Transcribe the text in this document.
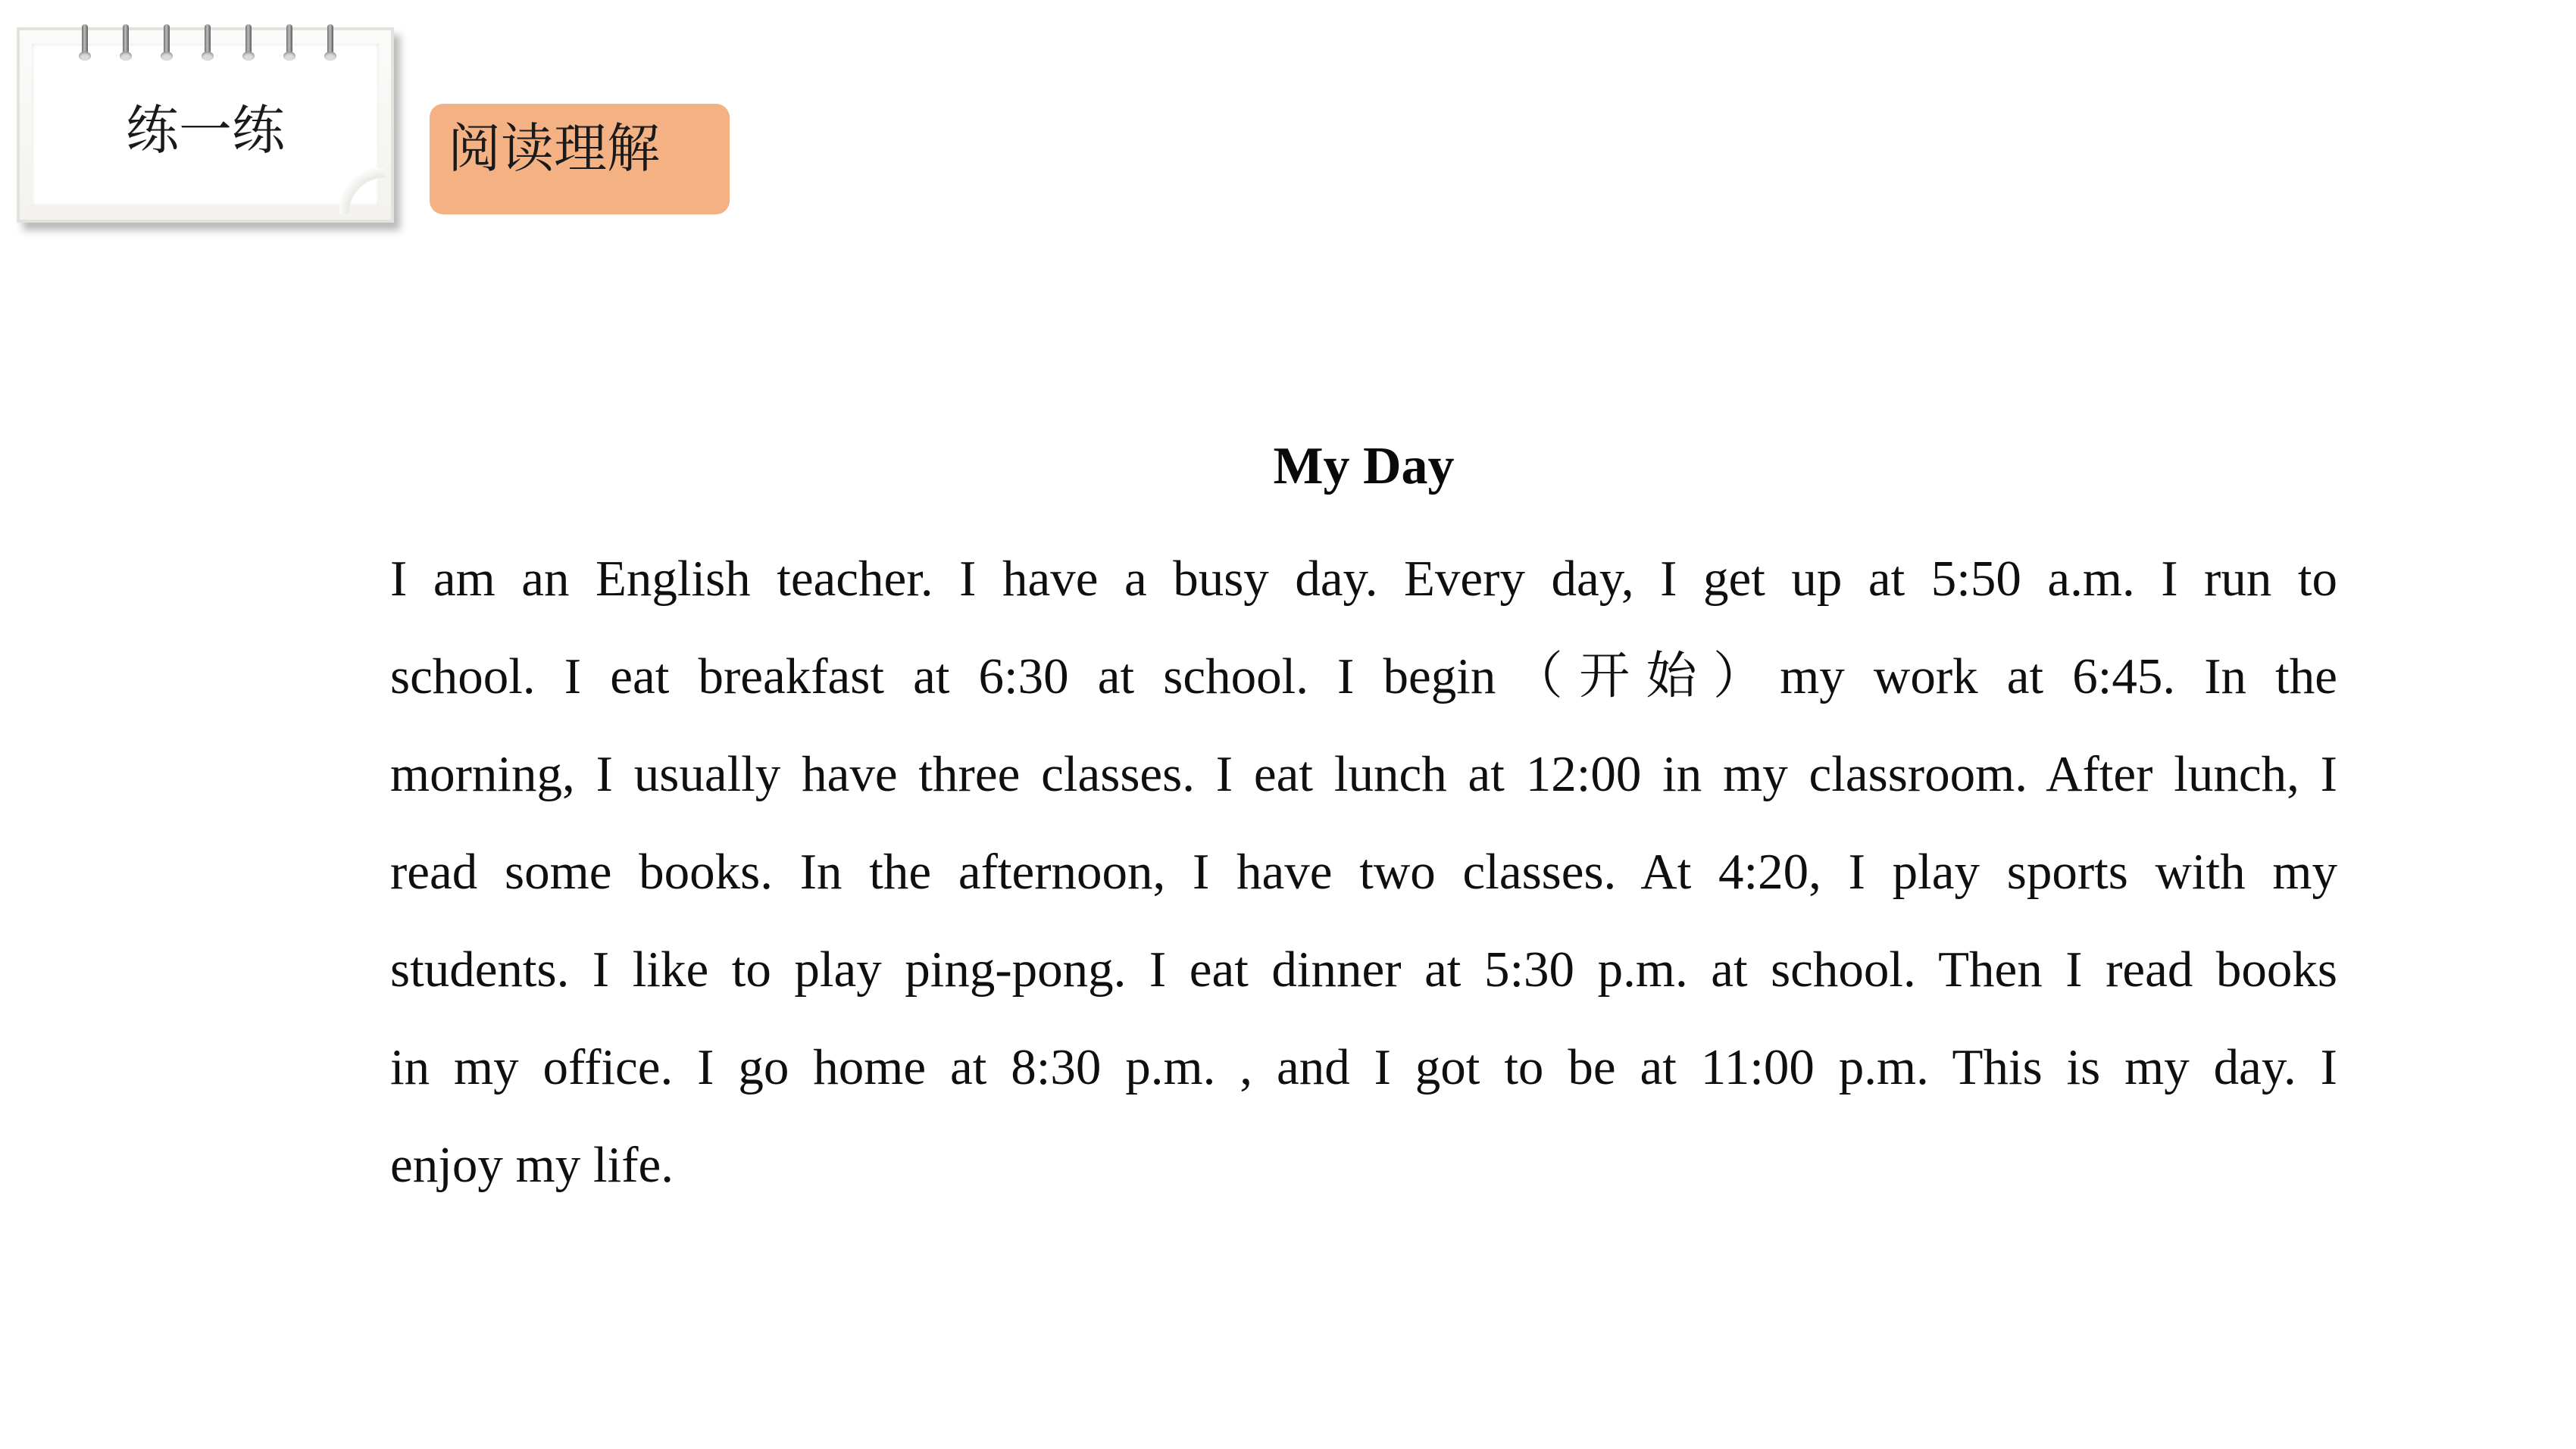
练一练	阅读理解
My Day
I am an English teacher. I have a busy day. Every day, I get up at 5:50 a.m. I run to
school. I eat breakfast at 6:30 at school. I begin（开始）my work at 6:45. In the
morning, I usually have three classes. I eat lunch at 12:00 in my classroom. After lunch, I
read some books. In the afternoon, I have two classes. At 4:20, I play sports with my
students. I like to play ping-pong. I eat dinner at 5:30 p.m. at school. Then I read books
in my office. I go home at 8:30 p.m. , and I got to be at 11:00 p.m. This is my day. I
enjoy my life.
